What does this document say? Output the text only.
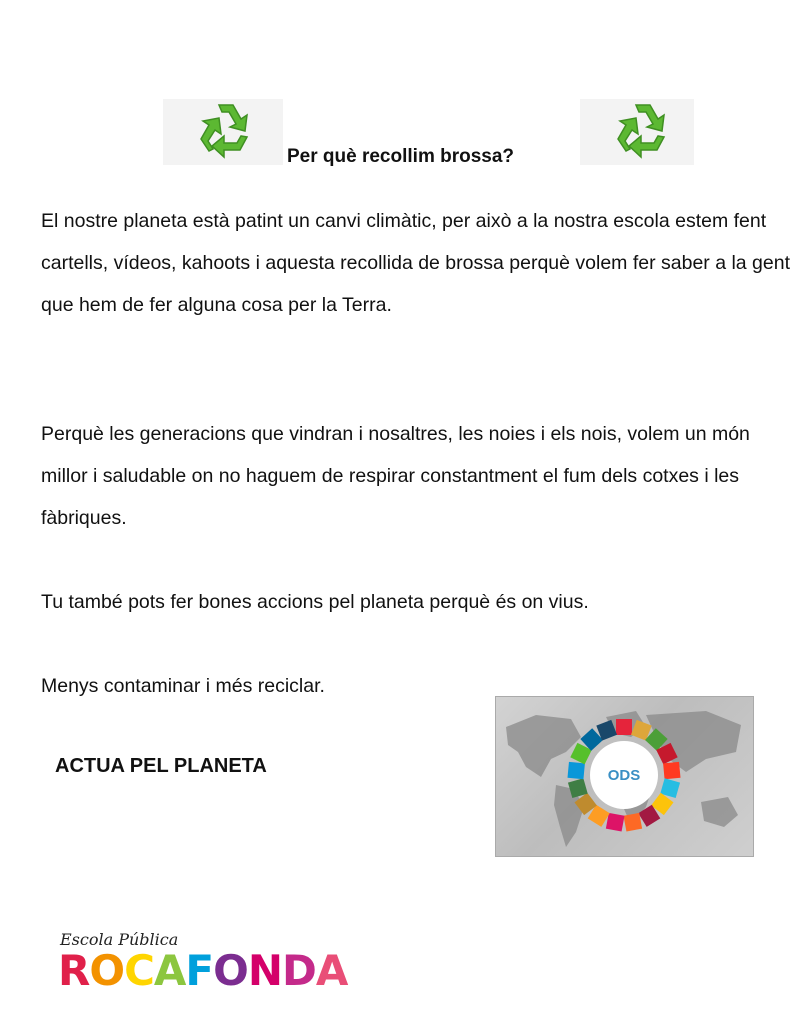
Per què recollim brossa?

El nostre planeta està patint un canvi climàtic, per això a la nostra escola estem fent cartells, vídeos, kahoots i aquesta recollida de brossa perquè volem fer saber a la gent que hem de fer alguna cosa per la Terra.

Perquè les generacions que vindran i nosaltres, les noies i els nois, volem un món millor i saludable on no haguem de respirar constantment el fum dels cotxes i les fàbriques.

Tu també pots fer bones accions pel planeta perquè és on vius.

Menys contaminar i més reciclar.

ACTUA PEL PLANETA	ODS
Escola Pública
ROCAFONDA
